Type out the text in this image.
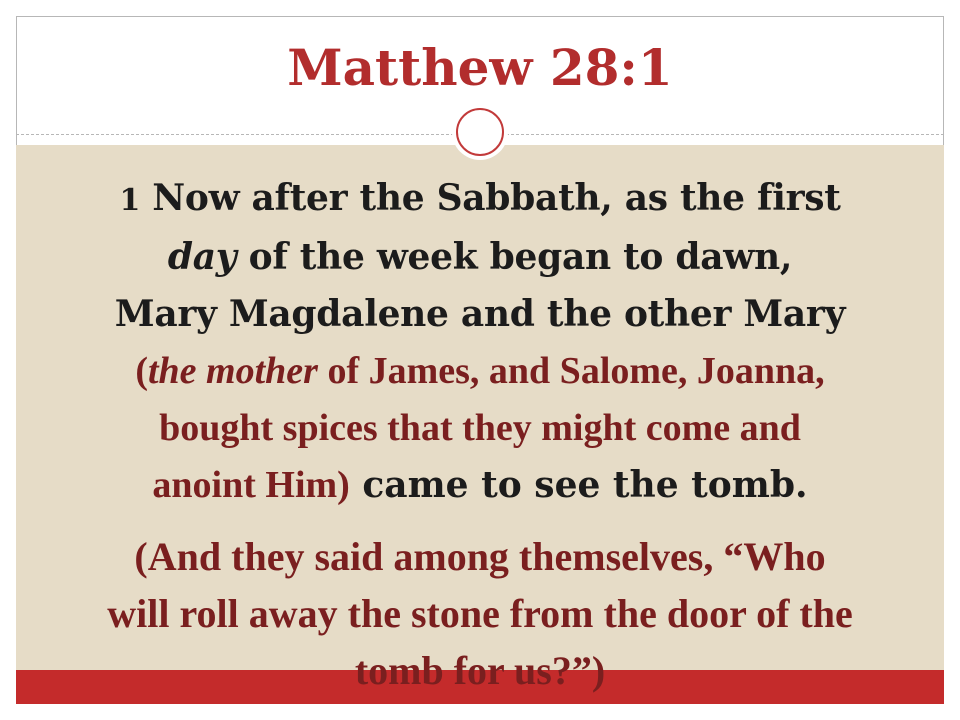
Matthew 28:1

1 Now after the Sabbath, as the first
day of the week began to dawn,
Mary Magdalene and the other Mary
(the mother of James, and Salome, Joanna,
bought spices that they might come and
anoint Him) came to see the tomb.

(And they said among themselves, “Who
will roll away the stone from the door of the
tomb for us?”)
